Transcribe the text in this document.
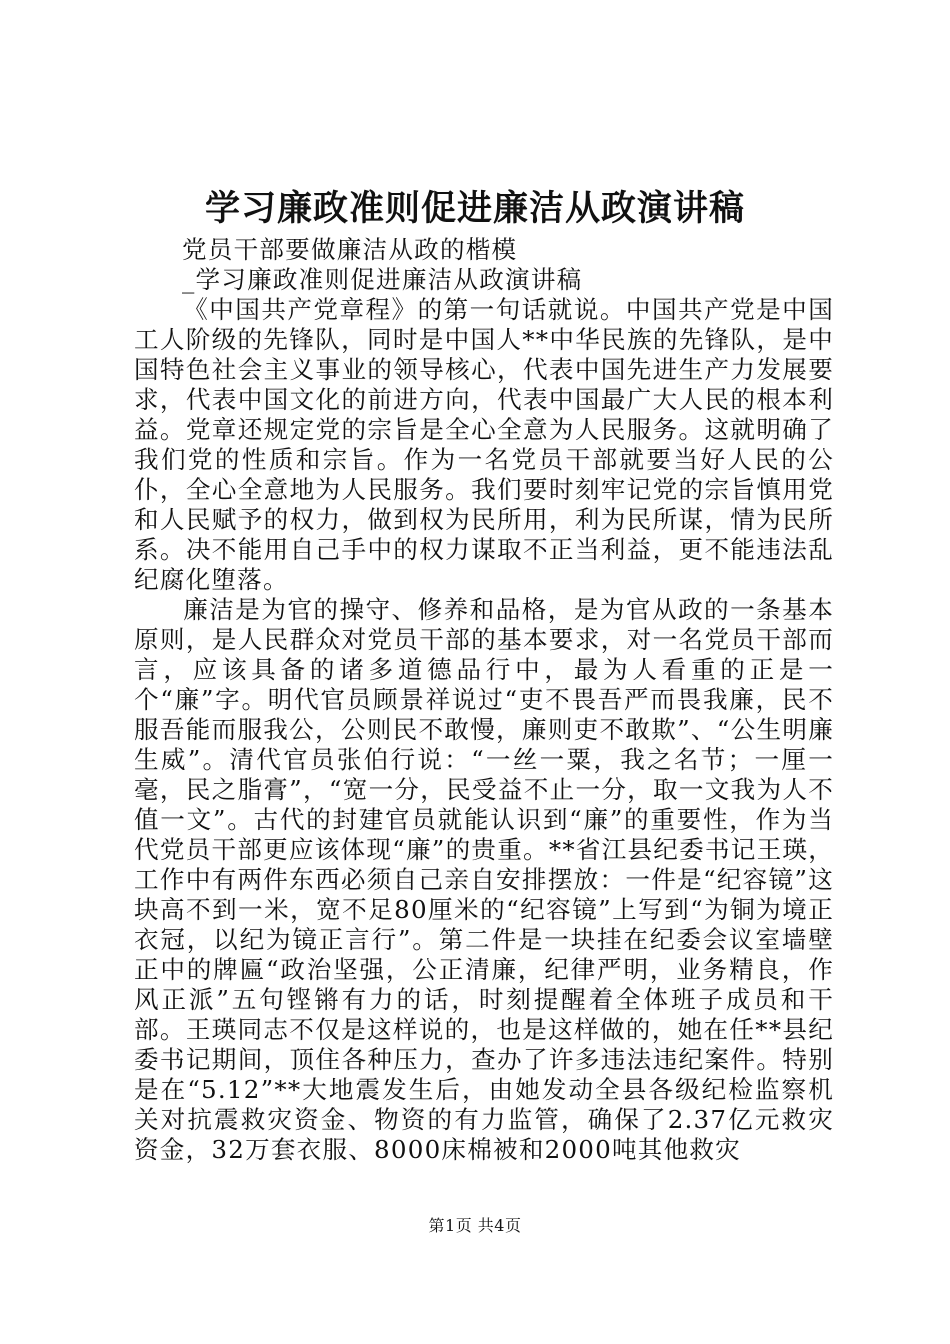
学习廉政准则促进廉洁从政演讲稿
党员干部要做廉洁从政的楷模
_学习廉政准则促进廉洁从政演讲稿

《中国共产党章程》的第一句话就说。中国共产党是中国工人阶级的先锋队，同时是中国人**中华民族的先锋队，是中国特色社会主义事业的领导核心，代表中国先进生产力发展要求，代表中国文化的前进方向，代表中国最广大人民的根本利益。党章还规定党的宗旨是全心全意为人民服务。这就明确了我们党的性质和宗旨。作为一名党员干部就要当好人民的公仆，全心全意地为人民服务。我们要时刻牢记党的宗旨慎用党和人民赋予的权力，做到权为民所用，利为民所谋，情为民所系。决不能用自己手中的权力谋取不正当利益，更不能违法乱纪腐化堕落。

廉洁是为官的操守、修养和品格，是为官从政的一条基本原则，是人民群众对党员干部的基本要求，对一名党员干部而言，应该具备的诸多道德品行中，最为人看重的正是一个“廉”字。明代官员顾景祥说过“吏不畏吾严而畏我廉，民不服吾能而服我公，公则民不敢慢，廉则吏不敢欺”、“公生明廉生威”。清代官员张伯行说：“一丝一粟，我之名节；一厘一毫，民之脂膏”，“宽一分，民受益不止一分，取一文我为人不值一文”。古代的封建官员就能认识到“廉”的重要性，作为当代党员干部更应该体现“廉”的贵重。**省江县纪委书记王瑛，工作中有两件东西必须自己亲自安排摆放：一件是“纪容镜”这块高不到一米，宽不足80厘米的“纪容镜”上写到“为铜为境正衣冠，以纪为镜正言行”。第二件是一块挂在纪委会议室墙壁正中的牌匾“政治坚强，公正清廉，纪律严明，业务精良，作风正派”五句铿锵有力的话，时刻提醒着全体班子成员和干部。王瑛同志不仅是这样说的，也是这样做的，她在任**县纪委书记期间，顶住各种压力，查办了许多违法违纪案件。特别是在“5.12”**大地震发生后，由她发动全县各级纪检监察机关对抗震救灾资金、物资的有力监管，确保了2.37亿元救灾资金，32万套衣服、8000床棉被和2000吨其他救灾

第1页 共4页
